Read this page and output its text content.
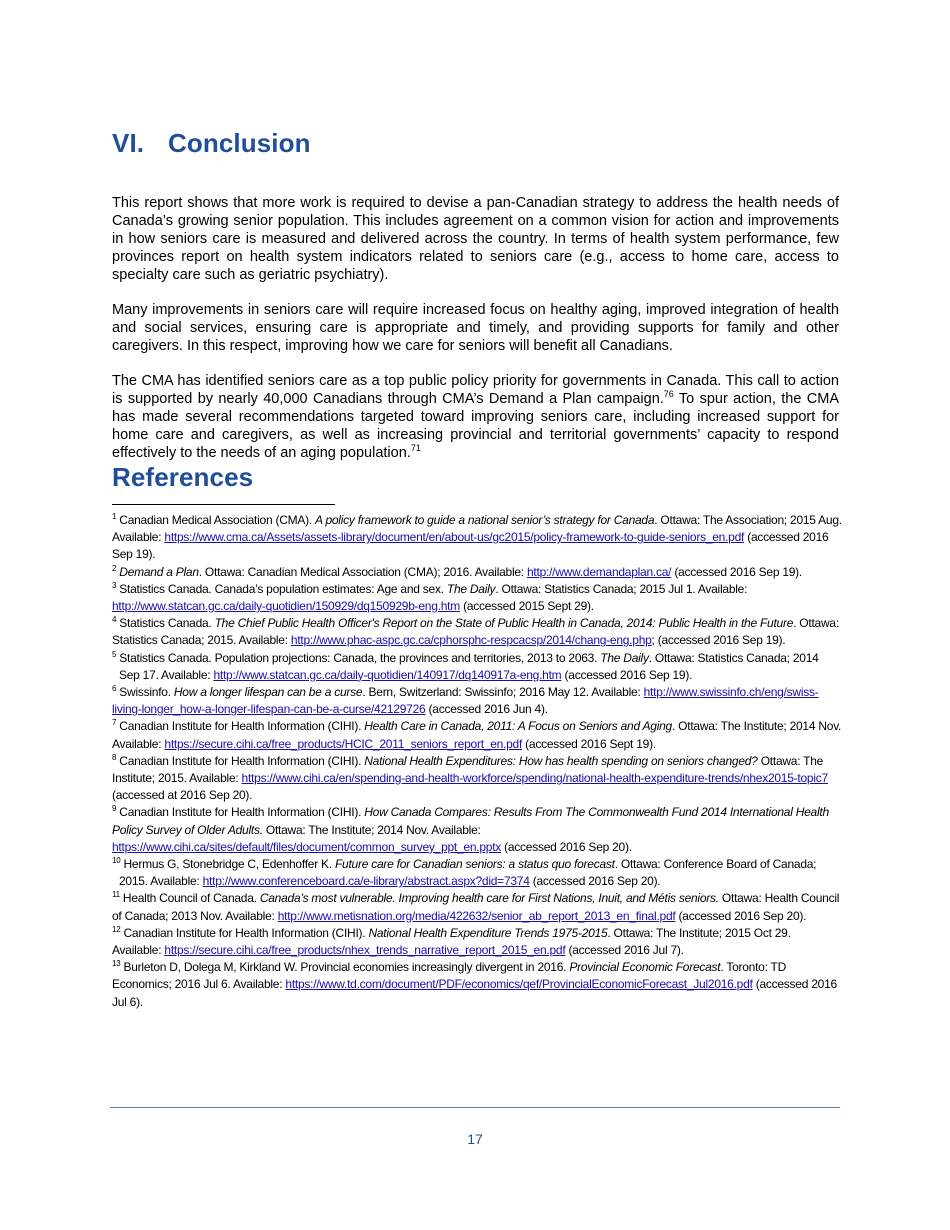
VI. Conclusion

This report shows that more work is required to devise a pan-Canadian strategy to address the health needs of Canada’s growing senior population. This includes agreement on a common vision for action and improvements in how seniors care is measured and delivered across the country. In terms of health system performance, few provinces report on health system indicators related to seniors care (e.g., access to home care, access to specialty care such as geriatric psychiatry).

Many improvements in seniors care will require increased focus on healthy aging, improved integration of health and social services, ensuring care is appropriate and timely, and providing supports for family and other caregivers. In this respect, improving how we care for seniors will benefit all Canadians.

The CMA has identified seniors care as a top public policy priority for governments in Canada. This call to action is supported by nearly 40,000 Canadians through CMA’s Demand a Plan campaign.$^{76}$ To spur action, the CMA has made several recommendations targeted toward improving seniors care, including increased support for home care and caregivers, as well as increasing provincial and territorial governments’ capacity to respond effectively to the needs of an aging population.$^{71}$

References

$^1$ Canadian Medical Association (CMA). A policy framework to guide a national senior’s strategy for Canada. Ottawa: The Association; 2015 Aug. Available: https://www.cma.ca/Assets/assets-library/document/en/about-us/gc2015/policy-framework-to-guide-seniors_en.pdf (accessed 2016 Sep 19).

$^2$ Demand a Plan. Ottawa: Canadian Medical Association (CMA); 2016. Available: http://www.demandaplan.ca/ (accessed 2016 Sep 19).

$^3$ Statistics Canada. Canada’s population estimates: Age and sex. The Daily. Ottawa: Statistics Canada; 2015 Jul 1. Available: http://www.statcan.gc.ca/daily-quotidien/150929/dq150929b-eng.htm (accessed 2015 Sept 29).

$^4$ Statistics Canada. The Chief Public Health Officer's Report on the State of Public Health in Canada, 2014: Public Health in the Future. Ottawa: Statistics Canada; 2015. Available: http://www.phac-aspc.gc.ca/cphorsphc-respcacsp/2014/chang-eng.php; (accessed 2016 Sep 19).

$^5$ Statistics Canada. Population projections: Canada, the provinces and territories, 2013 to 2063. The Daily. Ottawa: Statistics Canada; 2014 Sep 17. Available: http://www.statcan.gc.ca/daily-quotidien/140917/dq140917a-eng.htm (accessed 2016 Sep 19).

$^6$ Swissinfo. How a longer lifespan can be a curse. Bern, Switzerland: Swissinfo; 2016 May 12. Available: http://www.swissinfo.ch/eng/swiss-living-longer_how-a-longer-lifespan-can-be-a-curse/42129726 (accessed 2016 Jun 4).

$^7$ Canadian Institute for Health Information (CIHI). Health Care in Canada, 2011: A Focus on Seniors and Aging. Ottawa: The Institute; 2014 Nov. Available: https://secure.cihi.ca/free_products/HCIC_2011_seniors_report_en.pdf (accessed 2016 Sept 19).

$^8$ Canadian Institute for Health Information (CIHI). National Health Expenditures: How has health spending on seniors changed? Ottawa: The Institute; 2015. Available: https://www.cihi.ca/en/spending-and-health-workforce/spending/national-health-expenditure-trends/nhex2015-topic7 (accessed at 2016 Sep 20).

$^9$ Canadian Institute for Health Information (CIHI). How Canada Compares: Results From The Commonwealth Fund 2014 International Health Policy Survey of Older Adults. Ottawa: The Institute; 2014 Nov. Available: https://www.cihi.ca/sites/default/files/document/common_survey_ppt_en.pptx (accessed 2016 Sep 20).

$^{10}$ Hermus G, Stonebridge C, Edenhoffer K. Future care for Canadian seniors: a status quo forecast. Ottawa: Conference Board of Canada; 2015. Available: http://www.conferenceboard.ca/e-library/abstract.aspx?did=7374 (accessed 2016 Sep 20).

$^{11}$ Health Council of Canada. Canada’s most vulnerable. Improving health care for First Nations, Inuit, and Métis seniors. Ottawa: Health Council of Canada; 2013 Nov. Available: http://www.metisnation.org/media/422632/senior_ab_report_2013_en_final.pdf (accessed 2016 Sep 20).

$^{12}$ Canadian Institute for Health Information (CIHI). National Health Expenditure Trends 1975-2015. Ottawa: The Institute; 2015 Oct 29. Available: https://secure.cihi.ca/free_products/nhex_trends_narrative_report_2015_en.pdf (accessed 2016 Jul 7).

$^{13}$ Burleton D, Dolega M, Kirkland W. Provincial economies increasingly divergent in 2016. Provincial Economic Forecast. Toronto: TD Economics; 2016 Jul 6. Available: https://www.td.com/document/PDF/economics/qef/ProvincialEconomicForecast_Jul2016.pdf (accessed 2016 Jul 6).

17
